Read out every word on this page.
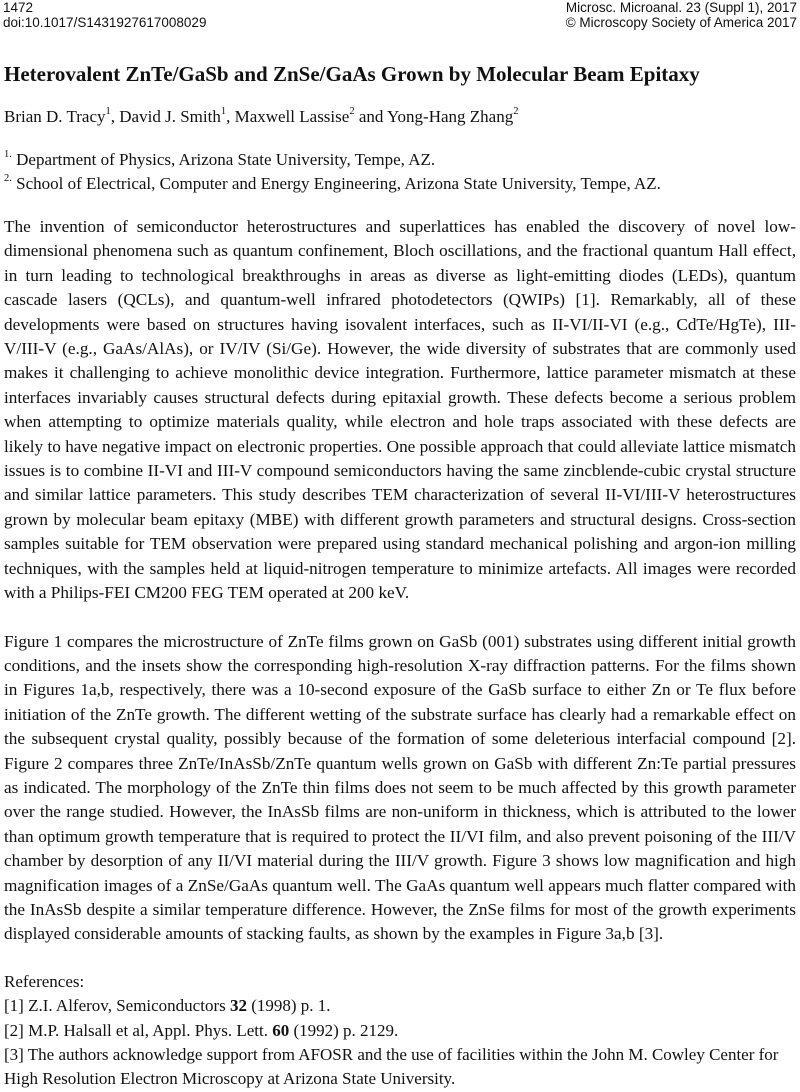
1472
doi:10.1017/S1431927617008029
Microsc. Microanal. 23 (Suppl 1), 2017
© Microscopy Society of America 2017
Heterovalent ZnTe/GaSb and ZnSe/GaAs Grown by Molecular Beam Epitaxy
Brian D. Tracy$^1$, David J. Smith$^1$, Maxwell Lassise$^2$ and Yong-Hang Zhang$^2$
$^{1.}$ Department of Physics, Arizona State University, Tempe, AZ.
$^{2.}$ School of Electrical, Computer and Energy Engineering, Arizona State University, Tempe, AZ.

The invention of semiconductor heterostructures and superlattices has enabled the discovery of novel low-dimensional phenomena such as quantum confinement, Bloch oscillations, and the fractional quantum Hall effect, in turn leading to technological breakthroughs in areas as diverse as light-emitting diodes (LEDs), quantum cascade lasers (QCLs), and quantum-well infrared photodetectors (QWIPs) [1]. Remarkably, all of these developments were based on structures having isovalent interfaces, such as II-VI/II-VI (e.g., CdTe/HgTe), III-V/III-V (e.g., GaAs/AlAs), or IV/IV (Si/Ge). However, the wide diversity of substrates that are commonly used makes it challenging to achieve monolithic device integration. Furthermore, lattice parameter mismatch at these interfaces invariably causes structural defects during epitaxial growth. These defects become a serious problem when attempting to optimize materials quality, while electron and hole traps associated with these defects are likely to have negative impact on electronic properties. One possible approach that could alleviate lattice mismatch issues is to combine II-VI and III-V compound semiconductors having the same zincblende-cubic crystal structure and similar lattice parameters. This study describes TEM characterization of several II-VI/III-V heterostructures grown by molecular beam epitaxy (MBE) with different growth parameters and structural designs. Cross-section samples suitable for TEM observation were prepared using standard mechanical polishing and argon-ion milling techniques, with the samples held at liquid-nitrogen temperature to minimize artefacts. All images were recorded with a Philips-FEI CM200 FEG TEM operated at 200 keV.

Figure 1 compares the microstructure of ZnTe films grown on GaSb (001) substrates using different initial growth conditions, and the insets show the corresponding high-resolution X-ray diffraction patterns. For the films shown in Figures 1a,b, respectively, there was a 10-second exposure of the GaSb surface to either Zn or Te flux before initiation of the ZnTe growth. The different wetting of the substrate surface has clearly had a remarkable effect on the subsequent crystal quality, possibly because of the formation of some deleterious interfacial compound [2]. Figure 2 compares three ZnTe/InAsSb/ZnTe quantum wells grown on GaSb with different Zn:Te partial pressures as indicated. The morphology of the ZnTe thin films does not seem to be much affected by this growth parameter over the range studied. However, the InAsSb films are non-uniform in thickness, which is attributed to the lower than optimum growth temperature that is required to protect the II/VI film, and also prevent poisoning of the III/V chamber by desorption of any II/VI material during the III/V growth. Figure 3 shows low magnification and high magnification images of a ZnSe/GaAs quantum well. The GaAs quantum well appears much flatter compared with the InAsSb despite a similar temperature difference. However, the ZnSe films for most of the growth experiments displayed considerable amounts of stacking faults, as shown by the examples in Figure 3a,b [3].

References:
[1] Z.I. Alferov, Semiconductors 32 (1998) p. 1.
[2] M.P. Halsall et al, Appl. Phys. Lett. 60 (1992) p. 2129.
[3] The authors acknowledge support from AFOSR and the use of facilities within the John M. Cowley Center for High Resolution Electron Microscopy at Arizona State University.
